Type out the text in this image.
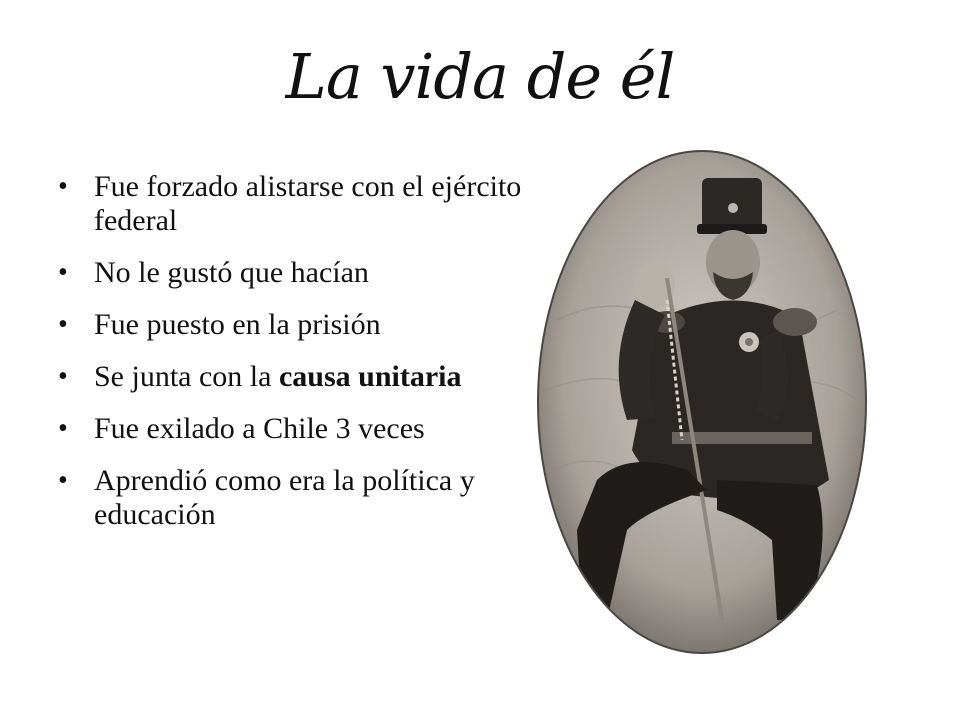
La vida de él
• Fue forzado alistarse con el ejército federal
• No le gustó que hacían
• Fue puesto en la prisión
• Se junta con la causa unitaria
• Fue exilado a Chile 3 veces
• Aprendió como era la política y educación
